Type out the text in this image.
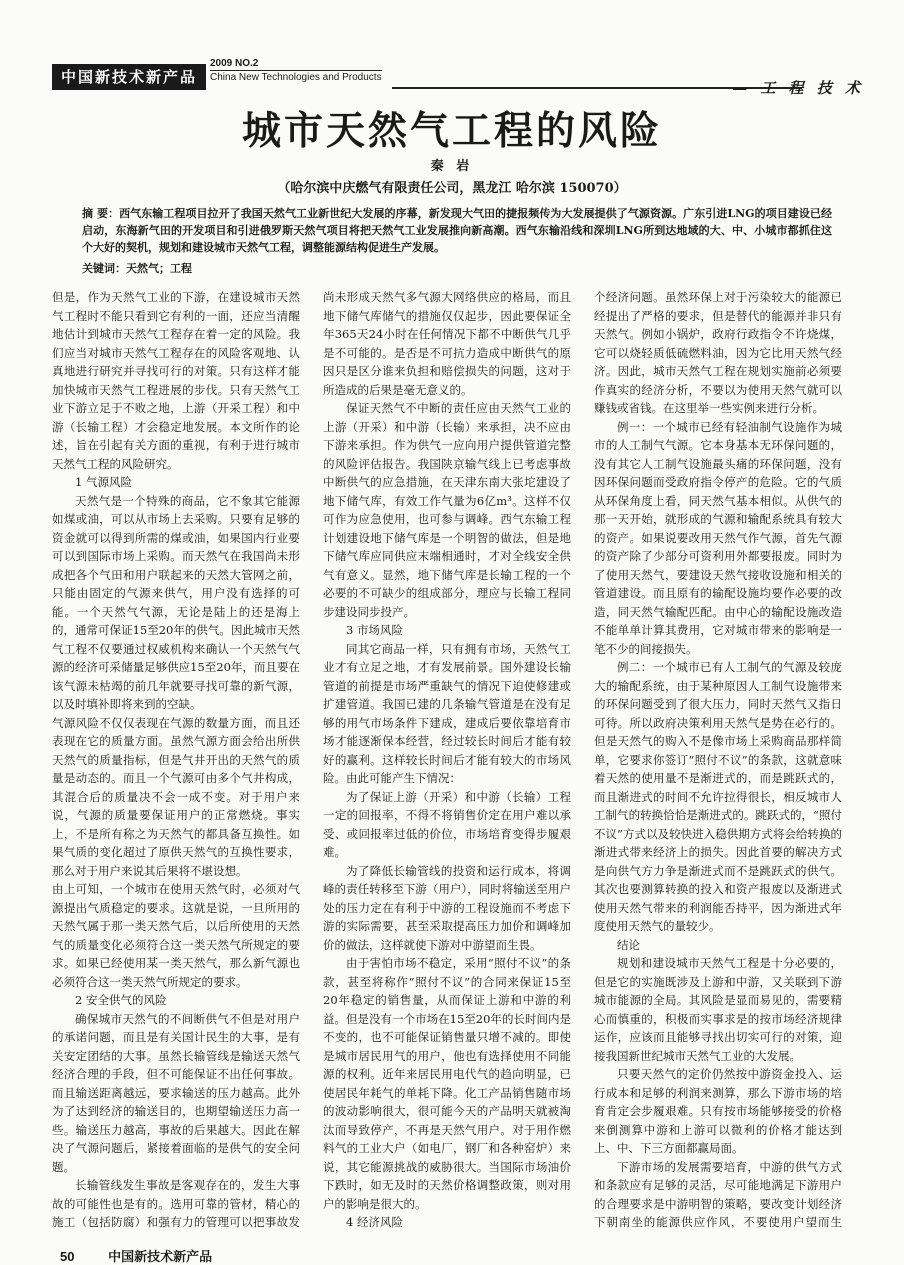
中国新技术新产品
2009 NO.2
China New Technologies and Products
— 工 程 技 术
城市天然气工程的风险
秦 岩
（哈尔滨中庆燃气有限责任公司，黑龙江 哈尔滨 150070）
摘 要：西气东输工程项目拉开了我国天然气工业新世纪大发展的序幕，新发现大气田的捷报频传为大发展提供了气源资源。广东引进LNG的项目建设已经启动，东海新气田的开发项目和引进俄罗斯天然气项目将把天然气工业发展推向新高潮。西气东输沿线和深圳LNG所到达地域的大、中、小城市都抓住这个大好的契机，规划和建设城市天然气工程，调整能源结构促进生产发展。
关键词：天然气；工程

但是，作为天然气工业的下游，在建设城市天然气工程时不能只看到它有利的一面，还应当清醒地估计到城市天然气工程存在着一定的风险。我们应当对城市天然气工程存在的风险客观地、认真地进行研究并寻找可行的对策。只有这样才能加快城市天然气工程进展的步伐。只有天然气工业下游立足于不败之地，上游（开采工程）和中游（长输工程）才会稳定地发展。本文所作的论述，旨在引起有关方面的重视，有利于进行城市天然气工程的风险研究。

1 气源风险

天然气是一个特殊的商品，它不象其它能源如煤或油，可以从市场上去采购。只要有足够的资金就可以得到所需的煤或油，如果国内行业要可以到国际市场上采购。而天然气在我国尚未形成把各个气田和用户联起来的天然大管网之前，只能由固定的气源来供气，用户没有选择的可能。一个天然气气源，无论是陆上的还是海上的，通常可保证15至20年的供气。因此城市天然气工程不仅要通过权威机构来确认一个天然气气源的经济可采储量足够供应15至20年，而且要在该气源未枯竭的前几年就要寻找可靠的新气源，以及时填补即将来到的空缺。

气源风险不仅仅表现在气源的数量方面，而且还表现在它的质量方面。虽然气源方面会给出所供天然气的质量指标，但是气井开出的天然气的质量是动态的。而且一个气源可由多个气井构成，其混合后的质量决不会一成不变。对于用户来说，气源的质量要保证用户的正常燃烧。事实上，不是所有称之为天然气的都具备互换性。如果气质的变化超过了原供天然气的互换性要求，那么对于用户来说其后果将不堪设想。

由上可知，一个城市在使用天然气时，必须对气源提出气质稳定的要求。这就是说，一旦所用的天然气属于那一类天然气后，以后所使用的天然气的质量变化必须符合这一类天然气所规定的要求。如果已经使用某一类天然气，那么新气源也必须符合这一类天然气所规定的要求。

2 安全供气的风险

确保城市天然气的不间断供气不但是对用户的承诺问题，而且是有关国计民生的大事，是有关安定团结的大事。虽然长输管线是输送天然气经济合理的手段，但不可能保证不出任何事故。而且输送距离越远，要求输送的压力越高。此外为了达到经济的输送目的，也期望输送压力高一些。输送压力越高，事故的后果越大。因此在解决了气源问题后，紧接着面临的是供气的安全问题。

长输管线发生事故是客观存在的，发生大事故的可能性也是有的。选用可靠的管材，精心的施工（包括防腐）和强有力的管理可以把事故发

尚未形成天然气多气源大网络供应的格局，而且地下储气库储气的措施仅仅起步，因此要保证全年365天24小时在任何情况下都不中断供气几乎是不可能的。是否是不可抗力造成中断供气的原因只是区分谁来负担和赔偿损失的问题，这对于所造成的后果是毫无意义的。

保证天然气不中断的责任应由天然气工业的上游（开采）和中游（长输）来承担，决不应由下游来承担。作为供气一应向用户提供管道完整的风险评估报告。我国陕京输气线上已考虑事故中断供气的应急措施，在天津东南大张坨建设了地下储气库，有效工作气量为6亿m³。这样不仅可作为应急使用，也可参与调峰。西气东输工程计划建设地下储气库是一个明智的做法，但是地下储气库应同供应末端相通时，才对全线安全供气有意义。显然，地下储气库是长输工程的一个必要的不可缺少的组成部分，理应与长输工程同步建设同步投产。

3 市场风险

同其它商品一样，只有拥有市场，天然气工业才有立足之地，才有发展前景。国外建设长输管道的前提是市场严重缺气的情况下迫使修建或扩建管道。我国已建的几条输气管道是在没有足够的用气市场条件下建成，建成后要依靠培育市场才能逐渐保本经营，经过较长时间后才能有较好的赢利。这样较长时间后才能有较大的市场风险。由此可能产生下情况：

为了保证上游（开采）和中游（长输）工程一定的回报率，不得不将销售价定在用户难以承受、或回报率过低的价位，市场培育变得步履艰难。

为了降低长输管线的投资和运行成本，将调峰的责任转移至下游（用户），同时将输送至用户处的压力定在有利于中游的工程设施而不考虑下游的实际需要，甚至采取提高压力加价和调峰加价的做法，这样就使下游对中游望而生畏。

由于害怕市场不稳定，采用“照付不议”的条款，甚至将称作“照付不议”的合同来保证15至20年稳定的销售量，从而保证上游和中游的利益。但是没有一个市场在15至20年的长时间内是不变的，也不可能保证销售量只增不减的。即使是城市居民用气的用户，他也有选择使用不同能源的权利。近年来居民用电代气的趋向明显，已使居民年耗气的单耗下降。化工产品销售随市场的波动影响很大，很可能今天的产品明天就被淘汰而导致停产，不再是天然气用户。对于用作燃料气的工业大户（如电厂，钢厂和各种窑炉）来说，其它能源挑战的威胁很大。当国际市场油价下跌时，如无及时的天然价格调整政策，则对用户的影响是很大的。

4 经济风险

个经济问题。虽然环保上对于污染较大的能源已经提出了严格的要求，但是替代的能源并非只有天然气。例如小锅炉，政府行政指令不许烧煤，它可以烧轻质低硫燃料油，因为它比用天然气经济。因此，城市天然气工程在规划实施前必须要作真实的经济分析，不要以为使用天然气就可以赚钱或省钱。在这里举一些实例来进行分析。

例一：一个城市已经有轻油制气设施作为城市的人工制气气源。它本身基本无环保问题的，没有其它人工制气设施最头痛的环保问题，没有因环保问题而受政府指令停产的危险。它的气质从环保角度上看，同天然气基本相似。从供气的那一天开始，就形成的气源和输配系统具有较大的资产。如果说要改用天然气作气源，首先气源的资产除了少部分可资利用外都要报废。同时为了使用天然气，要建设天然气接收设施和相关的管道建设。而且原有的输配设施均要作必要的改造，同天然气输配匹配。由中心的输配设施改造不能单单计算其费用，它对城市带来的影响是一笔不少的间接损失。

例二：一个城市已有人工制气的气源及较庞大的输配系统，由于某种原因人工制气设施带来的环保问题受到了很大压力，同时天然气又指日可待。所以政府决策利用天然气是势在必行的。但是天然气的购入不是像市场上采购商品那样简单，它要求你签订“照付不议”的条款，这就意味着天然的使用量不是渐进式的，而是跳跃式的，而且渐进式的时间不允许拉得很长，相反城市人工制气的转换恰恰是渐进式的。跳跃式的，“照付不议”方式以及较快进入稳供期方式将会给转换的渐进式带来经济上的损失。因此首要的解决方式是向供气方力争是渐进式而不是跳跃式的供气。其次也要测算转换的投入和资产报废以及渐进式使用天然气带来的利润能否持平，因为渐进式年度使用天然气的量较少。

结论

规划和建设城市天然气工程是十分必要的，但是它的实施既涉及上游和中游，又关联到下游城市能源的全局。其风险是显而易见的，需要精心而慎重的，积极而实事求是的按市场经济规律运作，应该而且能够寻找出切实可行的对策，迎接我国新世纪城市天然气工业的大发展。

只要天然气的定价仍然按中游资金投入、运行成本和足够的利润来测算，那么下游市场的培育肯定会步履艰难。只有按市场能够接受的价格来倒测算中游和上游可以微利的价格才能达到上、中、下三方面都赢局面。

下游市场的发展需要培育，中游的供气方式和条款应有足够的灵活，尽可能地满足下游用户的合理要求是中游明智的策略，要改变计划经济下朝南坐的能源供应作风，不要使用户望而生

50	中国新技术新产品
